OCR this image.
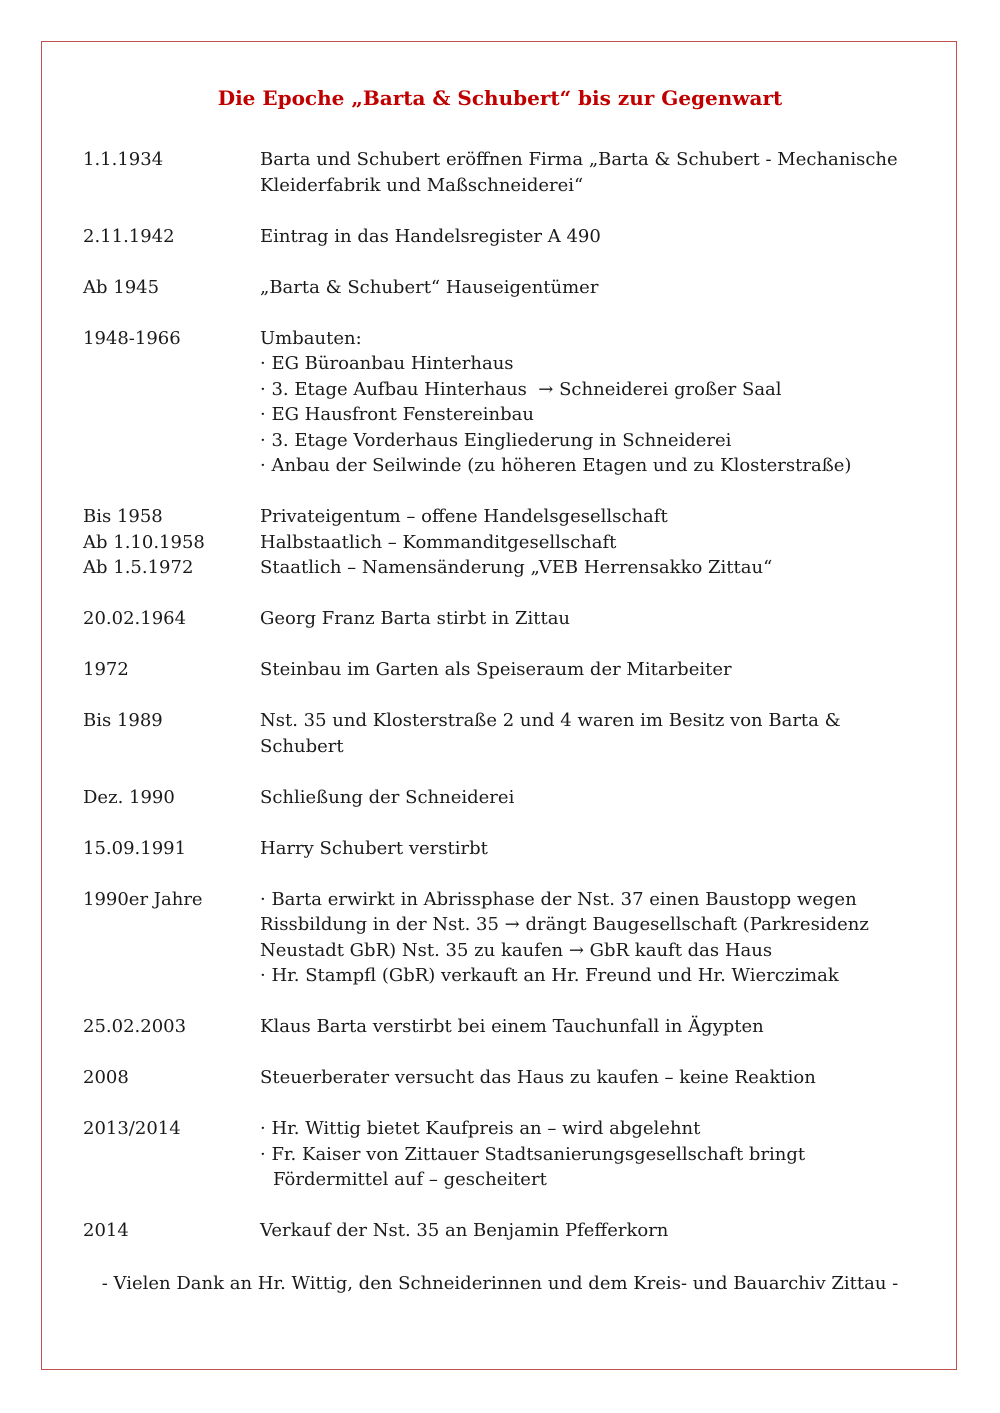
Die Epoche „Barta & Schubert“ bis zur Gegenwart
1.1.1934	Barta und Schubert eröffnen Firma „Barta & Schubert - Mechanische
Kleiderfabrik und Maßschneiderei“
2.11.1942	Eintrag in das Handelsregister A 490
Ab 1945	„Barta & Schubert“ Hauseigentümer
1948-1966	Umbauten:
· EG Büroanbau Hinterhaus
· 3. Etage Aufbau Hinterhaus  → Schneiderei großer Saal
· EG Hausfront Fenstereinbau
· 3. Etage Vorderhaus Eingliederung in Schneiderei
· Anbau der Seilwinde (zu höheren Etagen und zu Klosterstraße)
Bis 1958	Privateigentum – offene Handelsgesellschaft
Ab 1.10.1958	Halbstaatlich – Kommanditgesellschaft
Ab 1.5.1972	Staatlich – Namensänderung „VEB Herrensakko Zittau“
20.02.1964	Georg Franz Barta stirbt in Zittau
1972	Steinbau im Garten als Speiseraum der Mitarbeiter
Bis 1989	Nst. 35 und Klosterstraße 2 und 4 waren im Besitz von Barta &
Schubert
Dez. 1990	Schließung der Schneiderei
15.09.1991	Harry Schubert verstirbt
1990er Jahre	· Barta erwirkt in Abrissphase der Nst. 37 einen Baustopp wegen
Rissbildung in der Nst. 35 → drängt Baugesellschaft (Parkresidenz
Neustadt GbR) Nst. 35 zu kaufen → GbR kauft das Haus
· Hr. Stampfl (GbR) verkauft an Hr. Freund und Hr. Wierczimak
25.02.2003	Klaus Barta verstirbt bei einem Tauchunfall in Ägypten
2008	Steuerberater versucht das Haus zu kaufen – keine Reaktion
2013/2014	· Hr. Wittig bietet Kaufpreis an – wird abgelehnt
· Fr. Kaiser von Zittauer Stadtsanierungsgesellschaft bringt
Fördermittel auf – gescheitert
2014	Verkauf der Nst. 35 an Benjamin Pfefferkorn
- Vielen Dank an Hr. Wittig, den Schneiderinnen und dem Kreis- und Bauarchiv Zittau -
